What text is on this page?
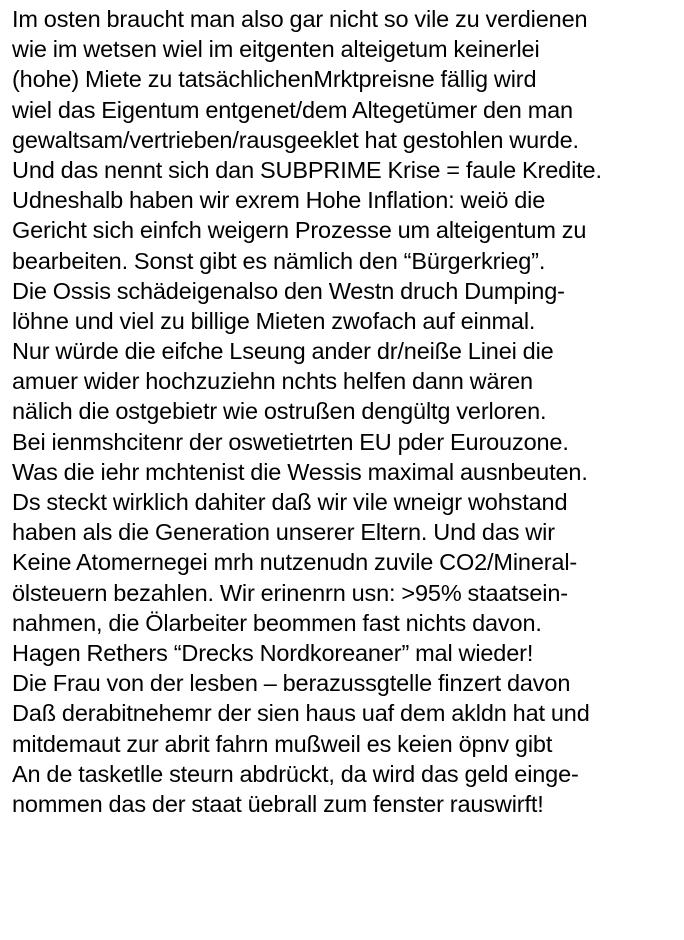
Im osten braucht man also gar nicht so vile zu verdienen
wie im wetsen wiel im eitgenten alteigetum keinerlei
(hohe) Miete zu tatsächlichenMrktpreisne fällig wird
wiel das Eigentum entgenet/dem Altegetümer den man
gewaltsam/vertrieben/rausgeeklet hat gestohlen wurde.
Und das nennt sich dan SUBPRIME Krise = faule Kredite.
Udneshalb haben wir exrem Hohe Inflation: weiö die
Gericht sich einfch weigern Prozesse um alteigentum zu
bearbeiten. Sonst gibt es nämlich den “Bürgerkrieg”.
Die Ossis schädeigenalso den Westn druch Dumping-
löhne und viel zu billige Mieten zwofach auf einmal.
Nur würde die eifche Lseung ander dr/neiße Linei die
amuer wider hochzuziehn nchts helfen dann wären
nälich die ostgebietr wie ostrußen dengültg verloren.
Bei ienmshcitenr der oswetietrten EU pder Eurouzone.
Was die iehr mchtenist die Wessis maximal ausnbeuten.
Ds steckt wirklich dahiter daß wir vile wneigr wohstand
haben als die Generation unserer Eltern. Und das wir
Keine Atomernegei mrh nutzenudn zuvile CO2/Mineral-
ölsteuern bezahlen. Wir erinenrn usn: >95% staatsein-
nahmen, die Ölarbeiter beommen fast nichts davon.
Hagen Rethers “Drecks Nordkoreaner” mal wieder!
Die Frau von der lesben – berazussgtelle finzert davon
Daß derabitnehemr der sien haus uaf dem akldn hat und
mitdemaut zur abrit fahrn mußweil es keien öpnv gibt
An de tasketlle steurn abdrückt, da wird das geld einge-
nommen das der staat üebrall zum fenster rauswirft!
